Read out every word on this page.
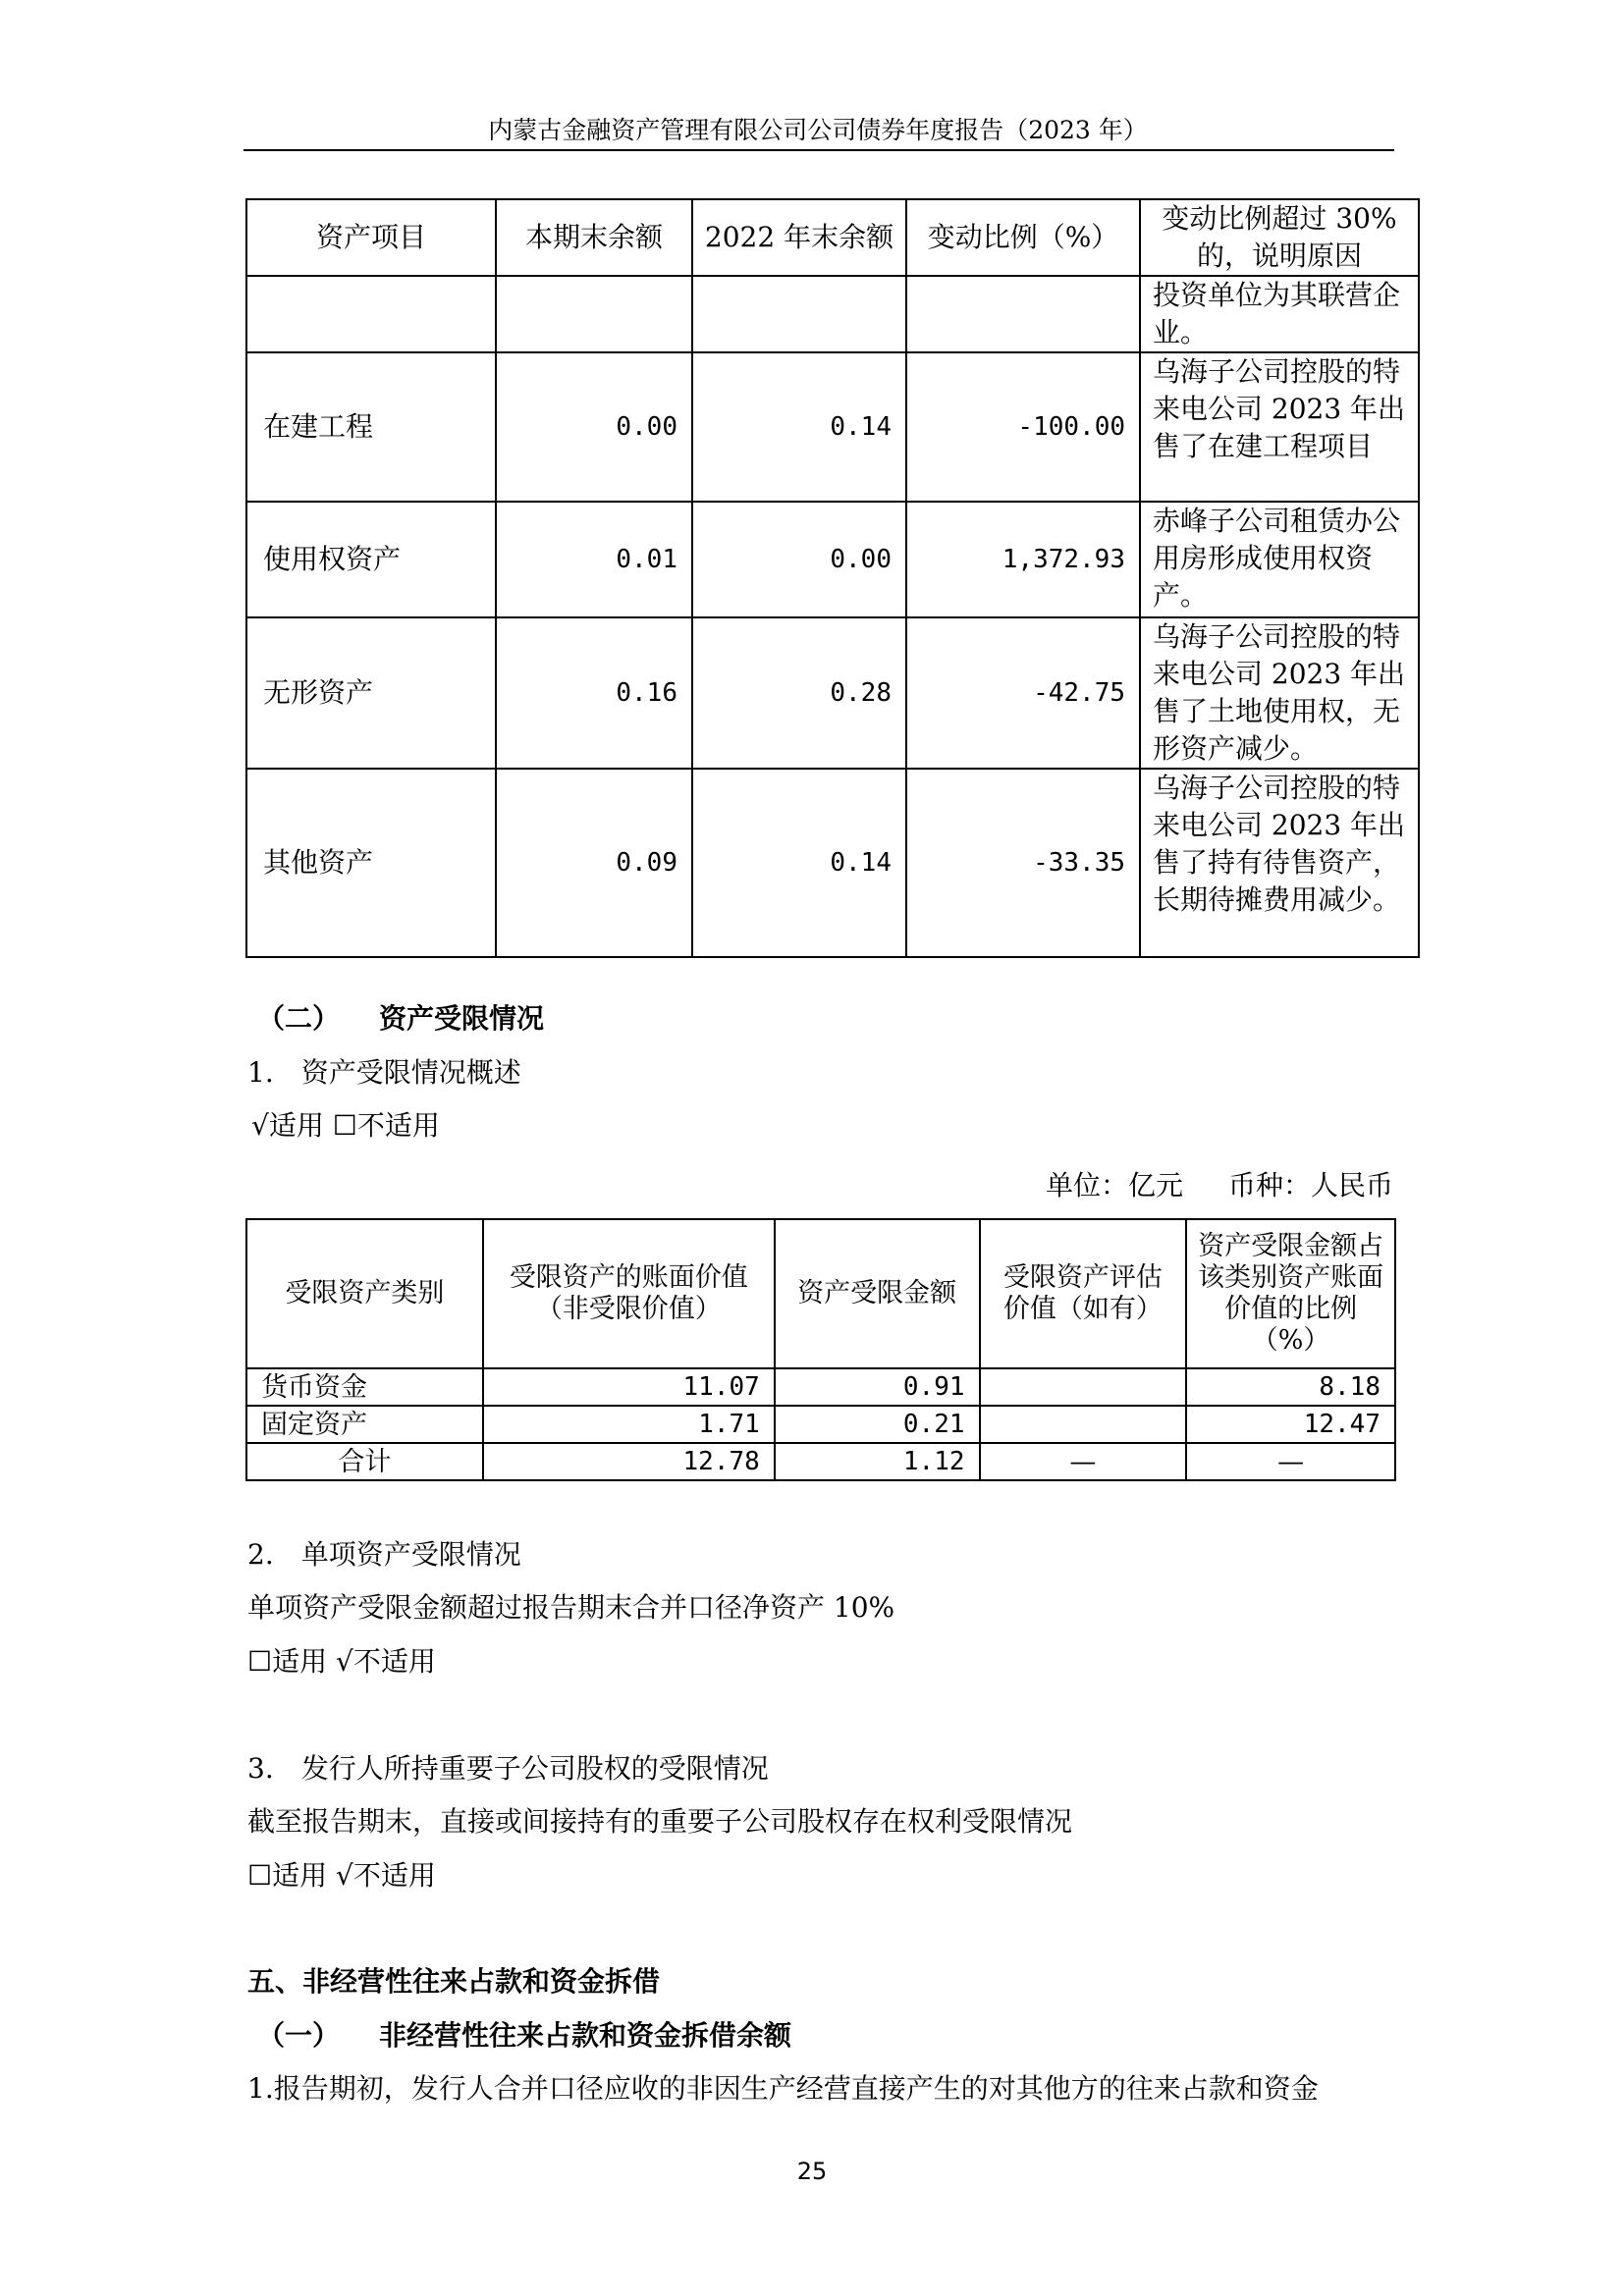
内蒙古金融资产管理有限公司公司债券年度报告（2023 年）
资产项目	本期末余额	2022 年末余额	变动比例（%）	变动比例超过 30%的，说明原因
				投资单位为其联营企业。
在建工程	0.00	0.14	-100.00	乌海子公司控股的特来电公司 2023 年出售了在建工程项目
使用权资产	0.01	0.00	1,372.93	赤峰子公司租赁办公用房形成使用权资产。
无形资产	0.16	0.28	-42.75	乌海子公司控股的特来电公司 2023 年出售了土地使用权，无形资产减少。
其他资产	0.09	0.14	-33.35	乌海子公司控股的特来电公司 2023 年出售了持有待售资产，长期待摊费用减少。
（二） 资产受限情况
1.　资产受限情况概述
√适用 ☐不适用
单位：亿元 币种：人民币
受限资产类别	受限资产的账面价值（非受限价值）	资产受限金额	受限资产评估价值（如有）	资产受限金额占该类别资产账面价值的比例（%）
货币资金	11.07	0.91		8.18
固定资产	1.71	0.21		12.47
合计	12.78	1.12	—	—
2.　单项资产受限情况
单项资产受限金额超过报告期末合并口径净资产 10%
☐适用 √不适用
3.　发行人所持重要子公司股权的受限情况
截至报告期末，直接或间接持有的重要子公司股权存在权利受限情况
☐适用 √不适用
五、非经营性往来占款和资金拆借
（一） 非经营性往来占款和资金拆借余额
1.报告期初，发行人合并口径应收的非因生产经营直接产生的对其他方的往来占款和资金
25
